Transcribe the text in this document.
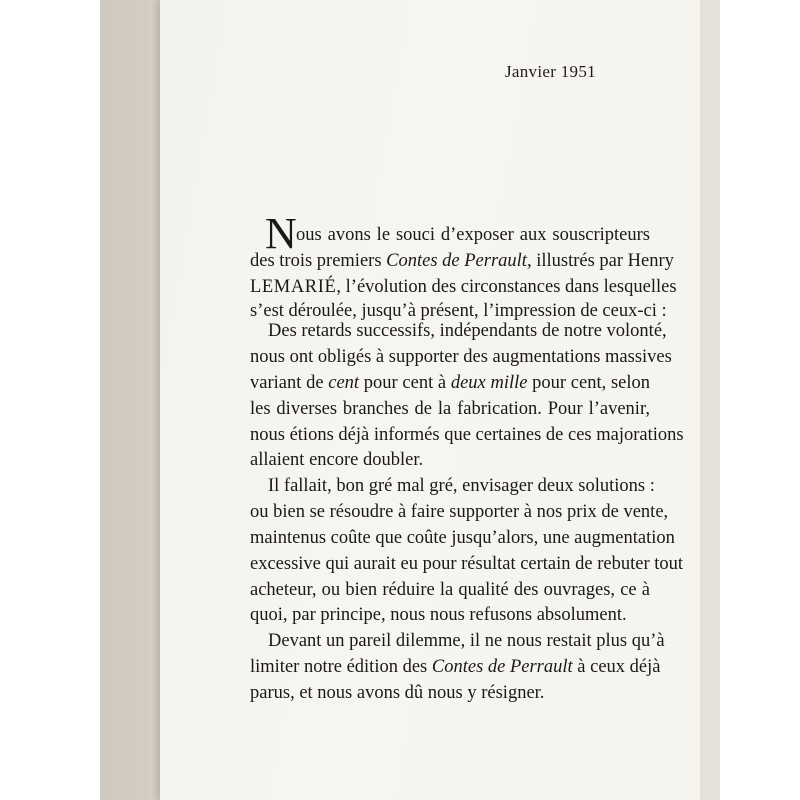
Janvier 1951
N ous avons le souci d’exposer aux souscripteurs
des trois premiers Contes de Perrault, illustrés par Henry
LEMARIÉ, l’évolution des circonstances dans lesquelles
s’est déroulée, jusqu’à présent, l’impression de ceux-ci :
Des retards successifs, indépendants de notre volonté,
nous ont obligés à supporter des augmentations massives
variant de cent pour cent à deux mille pour cent, selon
les diverses branches de la fabrication. Pour l’avenir,
nous étions déjà informés que certaines de ces majorations
allaient encore doubler.
Il fallait, bon gré mal gré, envisager deux solutions :
ou bien se résoudre à faire supporter à nos prix de vente,
maintenus coûte que coûte jusqu’alors, une augmentation
excessive qui aurait eu pour résultat certain de rebuter tout
acheteur, ou bien réduire la qualité des ouvrages, ce à
quoi, par principe, nous nous refusons absolument.
Devant un pareil dilemme, il ne nous restait plus qu’à
limiter notre édition des Contes de Perrault à ceux déjà
parus, et nous avons dû nous y résigner.
